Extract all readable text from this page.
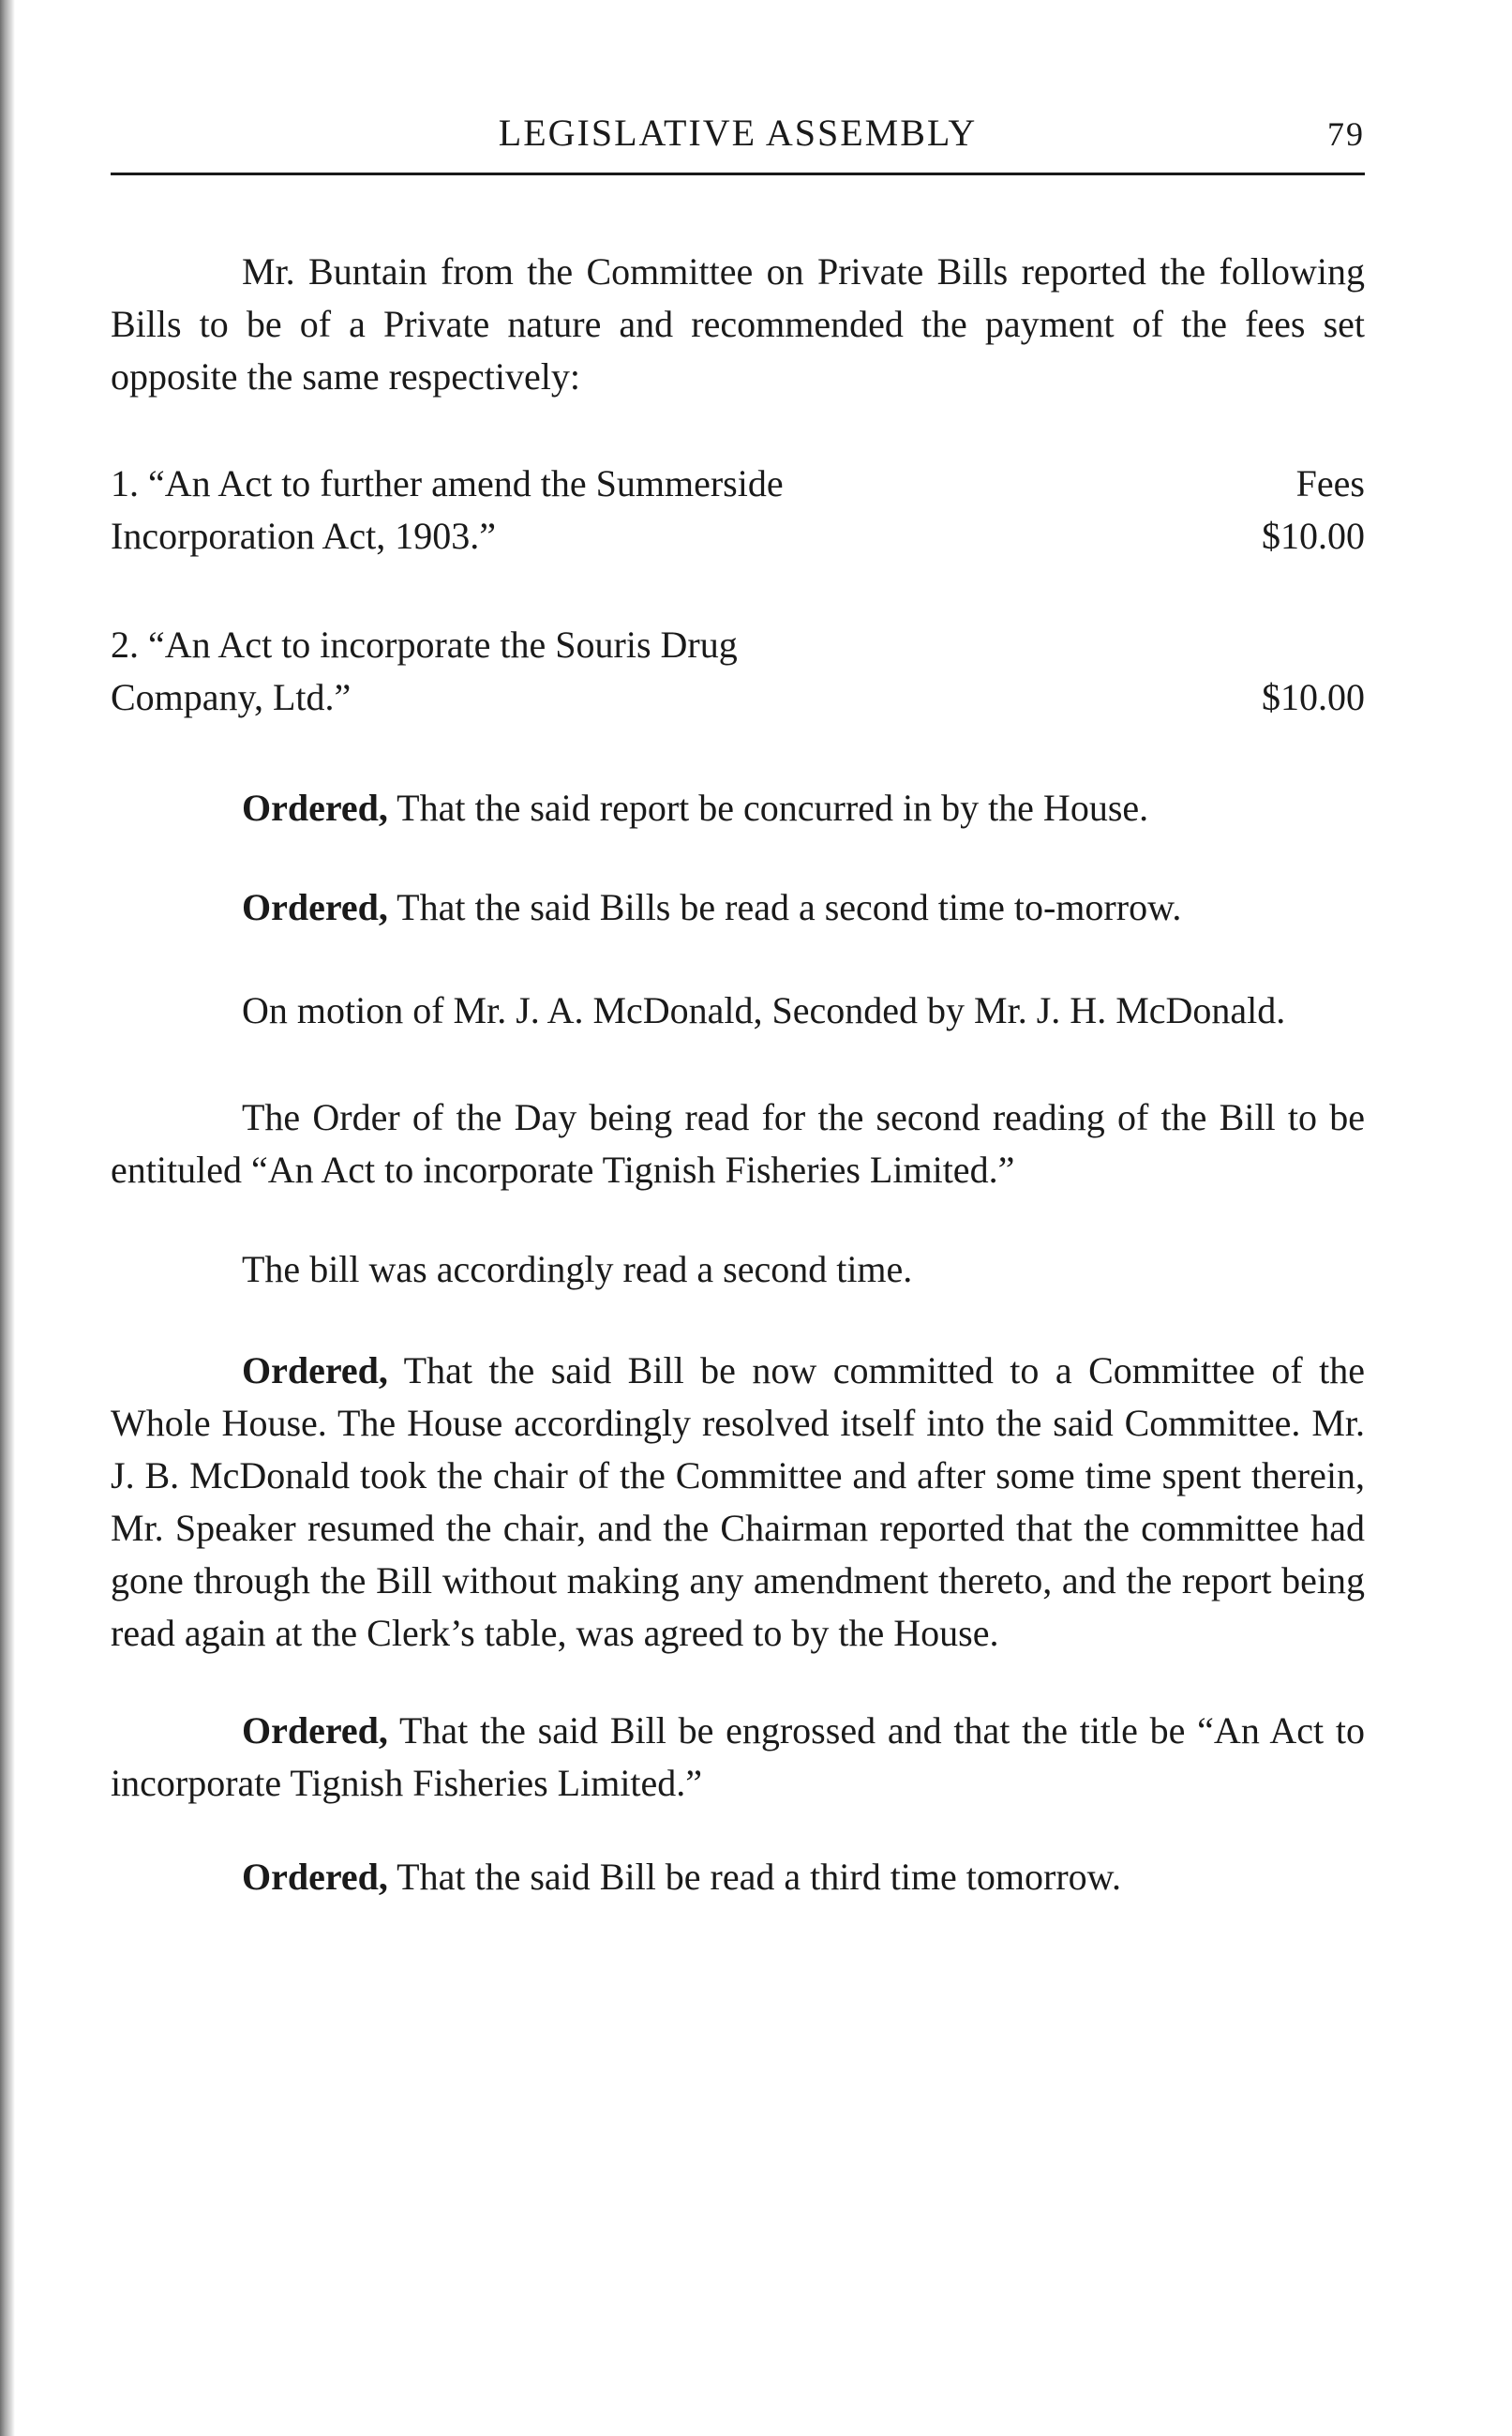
LEGISLATIVE ASSEMBLY	79

Mr. Buntain from the Committee on Private Bills reported the following Bills to be of a Private nature and recommended the payment of the fees set opposite the same respectively:

1. “An Act to further amend the Summerside
Incorporation Act, 1903.”
Fees
$10.00
2. “An Act to incorporate the Souris Drug
Company, Ltd.”	$10.00

Ordered, That the said report be concurred in by the House.

Ordered, That the said Bills be read a second time to-morrow.

On motion of Mr. J. A. McDonald, Seconded by Mr. J. H. McDonald.

The Order of the Day being read for the second reading of the Bill to be entituled “An Act to incorporate Tignish Fisheries Limited.”

The bill was accordingly read a second time.

Ordered, That the said Bill be now committed to a Committee of the Whole House. The House accordingly resolved itself into the said Committee. Mr. J. B. McDonald took the chair of the Committee and after some time spent therein, Mr. Speaker resumed the chair, and the Chairman reported that the committee had gone through the Bill without making any amendment thereto, and the report being read again at the Clerk’s table, was agreed to by the House.

Ordered, That the said Bill be engrossed and that the title be “An Act to incorporate Tignish Fisheries Limited.”

Ordered, That the said Bill be read a third time tomorrow.
